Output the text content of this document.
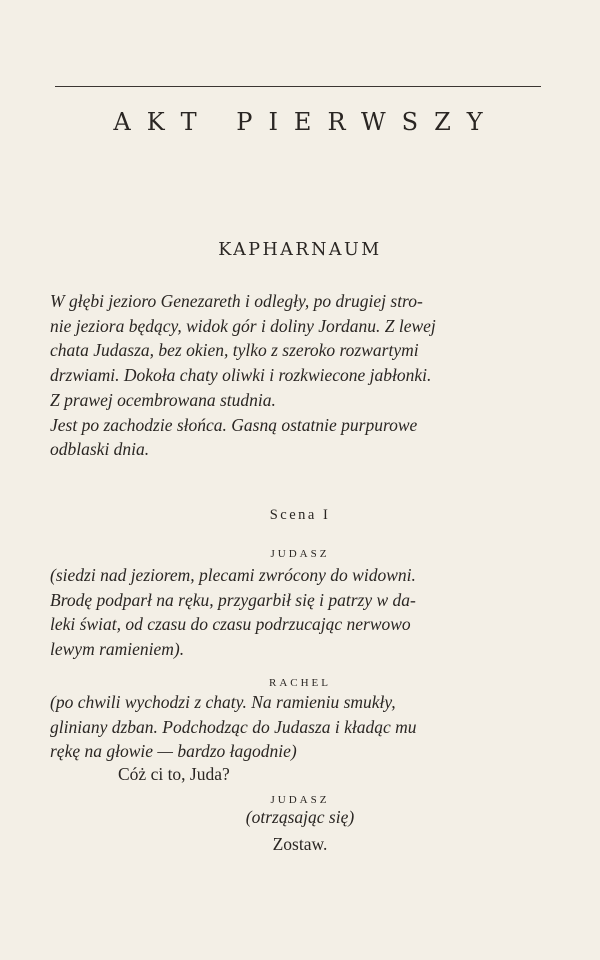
AKT PIERWSZY
KAPHARNAUM
W głębi jezioro Genezareth i odległy, po drugiej stro-
nie jeziora będący, widok gór i doliny Jordanu. Z lewej
chata Judasza, bez okien, tylko z szeroko rozwartymi
drzwiami. Dokoła chaty oliwki i rozkwiecone jabłonki.
Z prawej ocembrowana studnia.
Jest po zachodzie słońca. Gasną ostatnie purpurowe
odblaski dnia.
Scena I
JUDASZ
(siedzi nad jeziorem, plecami zwrócony do widowni.
Brodę podparł na ręku, przygarbił się i patrzy w da-
leki świat, od czasu do czasu podrzucając nerwowo
lewym ramieniem).
RACHEL
(po chwili wychodzi z chaty. Na ramieniu smukły,
gliniany dzban. Podchodząc do Judasza i kładąc mu
rękę na głowie — bardzo łagodnie)
Cóż ci to, Juda?
JUDASZ
(otrząsając się)
Zostaw.
